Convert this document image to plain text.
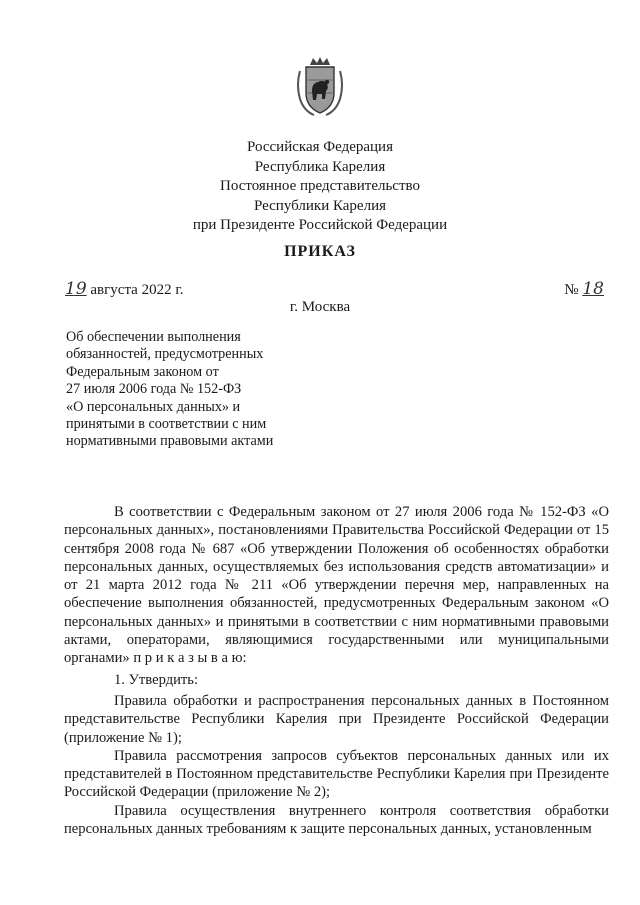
Российская Федерация
Республика Карелия
Постоянное представительство
Республики Карелия
при Президенте Российской Федерации
ПРИКАЗ
19 августа 2022 г.	№ 18
г. Москва
Об обеспечении выполнения
обязанностей, предусмотренных
Федеральным законом от
27 июля 2006 года № 152-ФЗ
«О персональных данных» и
принятыми в соответствии с ним
нормативными правовыми актами

В соответствии с Федеральным законом от 27 июля 2006 года № 152-ФЗ «О персональных данных», постановлениями Правительства Российской Федерации от 15 сентября 2008 года № 687 «Об утверждении Положения об особенностях обработки персональных данных, осуществляемых без использования средств автоматизации» и от 21 марта 2012 года № 211 «Об утверждении перечня мер, направленных на обеспечение выполнения обязанностей, предусмотренных Федеральным законом «О персональных данных» и принятыми в соответствии с ним нормативными правовыми актами, операторами, являющимися государственными или муниципальными органами» п р и к а з ы в а ю:

1. Утвердить:

Правила обработки и распространения персональных данных в Постоянном представительстве Республики Карелия при Президенте Российской Федерации (приложение № 1);

Правила рассмотрения запросов субъектов персональных данных или их представителей в Постоянном представительстве Республики Карелия при Президенте Российской Федерации (приложение № 2);

Правила осуществления внутреннего контроля соответствия обработки персональных данных требованиям к защите персональных данных, установленным
